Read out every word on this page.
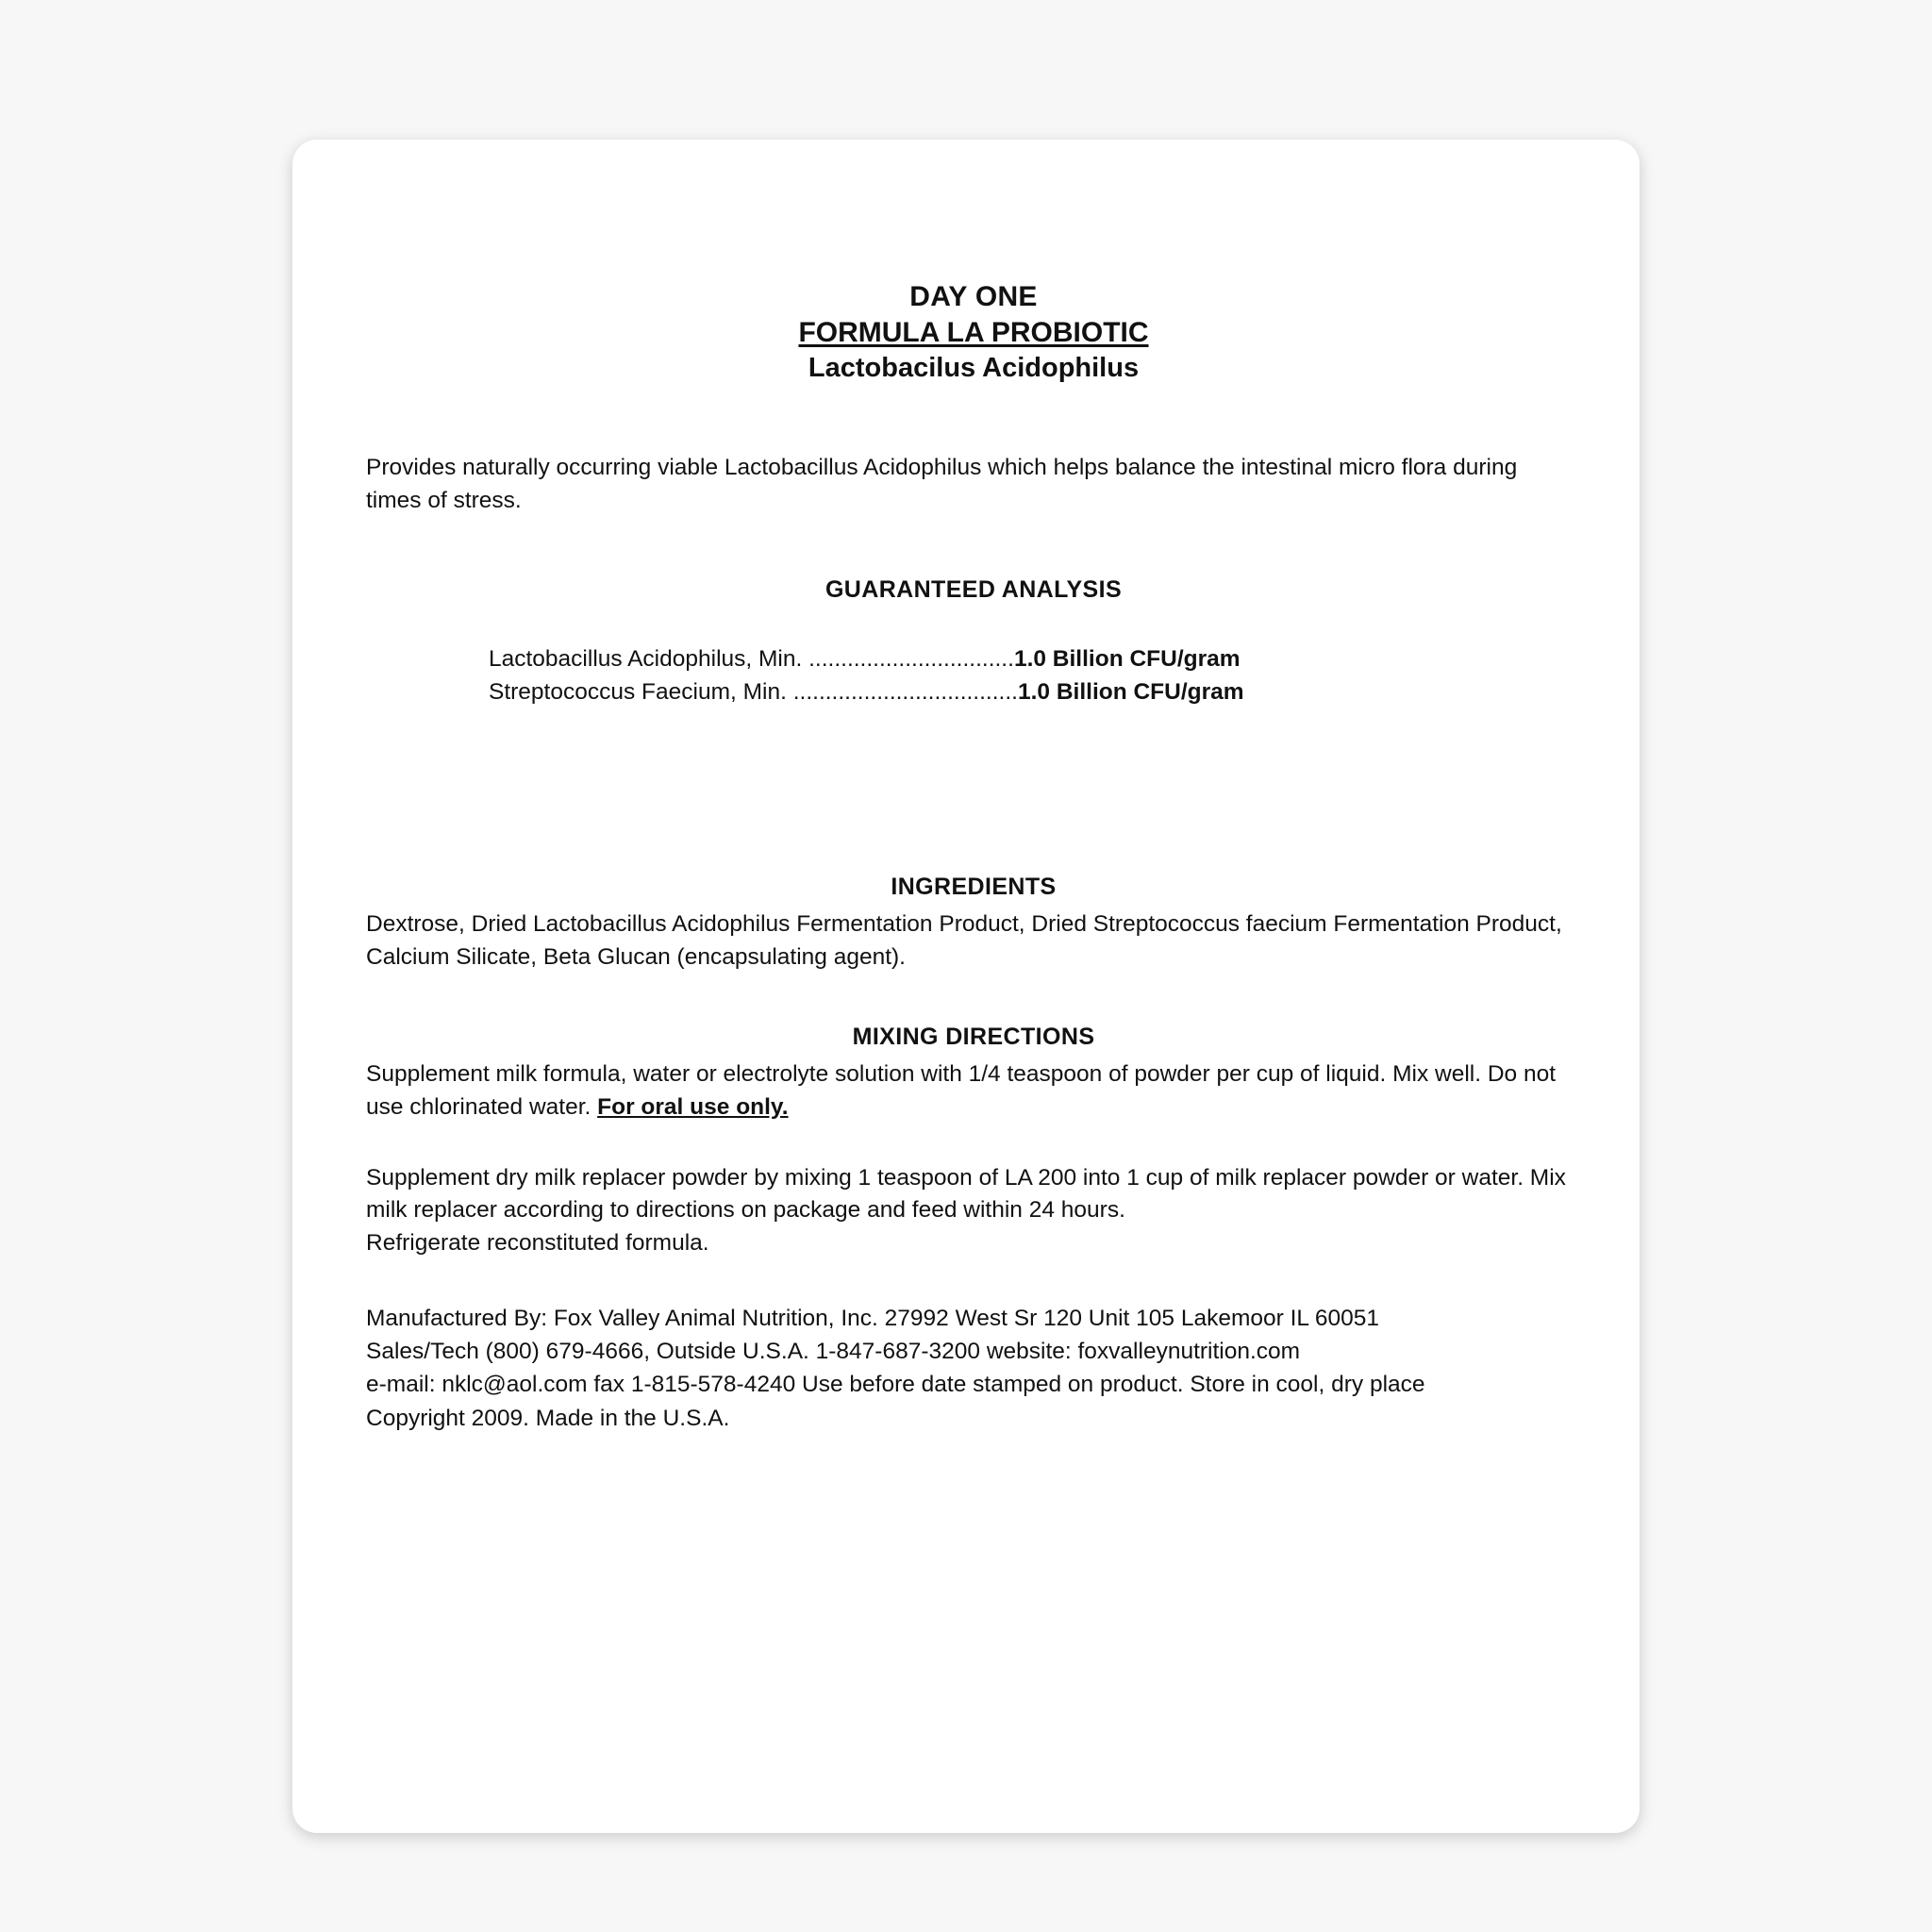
DAY ONE
FORMULA LA PROBIOTIC
Lactobacilus Acidophilus
Provides naturally occurring viable Lactobacillus Acidophilus which helps balance the intestinal micro flora during times of stress.
GUARANTEED ANALYSIS
Lactobacillus Acidophilus, Min. ................................1.0 Billion CFU/gram
Streptococcus Faecium, Min. ...................................1.0 Billion CFU/gram
INGREDIENTS
Dextrose, Dried Lactobacillus Acidophilus Fermentation Product, Dried Streptococcus faecium Fermentation Product, Calcium Silicate, Beta Glucan (encapsulating agent).
MIXING DIRECTIONS
Supplement milk formula, water or electrolyte solution with 1/4 teaspoon of powder per cup of liquid. Mix well. Do not use chlorinated water. For oral use only.
Supplement dry milk replacer powder by mixing 1 teaspoon of LA 200 into 1 cup of milk replacer powder or water. Mix milk replacer according to directions on package and feed within 24 hours.
Refrigerate reconstituted formula.
Manufactured By: Fox Valley Animal Nutrition, Inc. 27992 West Sr 120 Unit 105 Lakemoor IL 60051
Sales/Tech (800) 679-4666, Outside U.S.A. 1-847-687-3200 website: foxvalleynutrition.com
e-mail: nklc@aol.com fax 1-815-578-4240 Use before date stamped on product. Store in cool, dry place
Copyright 2009. Made in the U.S.A.
